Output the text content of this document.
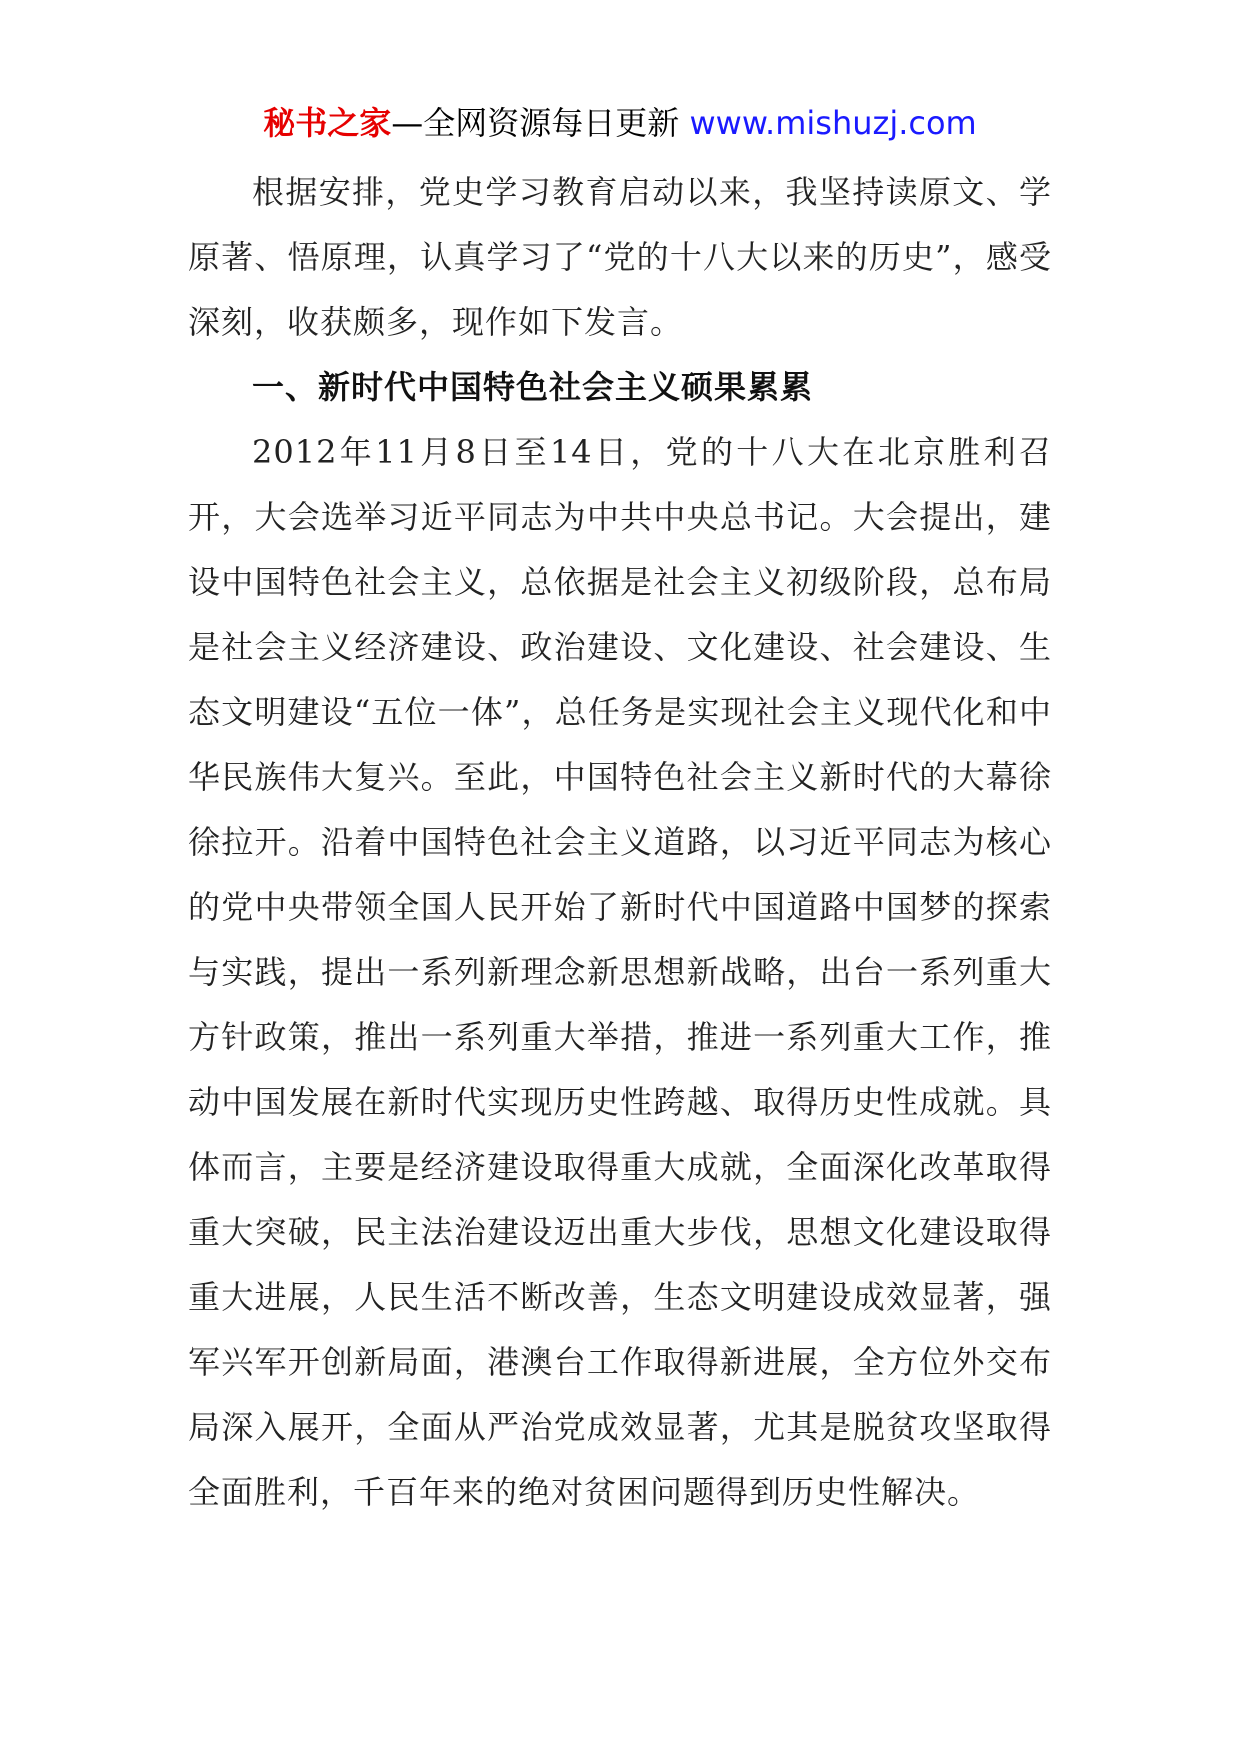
秘书之家—全网资源每日更新 www.mishuzj.com

根据安排，党史学习教育启动以来，我坚持读原文、学原著、悟原理，认真学习了“党的十八大以来的历史”，感受深刻，收获颇多，现作如下发言。

一、新时代中国特色社会主义硕果累累

2012年11月8日至14日，党的十八大在北京胜利召开，大会选举习近平同志为中共中央总书记。大会提出，建设中国特色社会主义，总依据是社会主义初级阶段，总布局是社会主义经济建设、政治建设、文化建设、社会建设、生态文明建设“五位一体”，总任务是实现社会主义现代化和中华民族伟大复兴。至此，中国特色社会主义新时代的大幕徐徐拉开。沿着中国特色社会主义道路，以习近平同志为核心的党中央带领全国人民开始了新时代中国道路中国梦的探索与实践，提出一系列新理念新思想新战略，出台一系列重大方针政策，推出一系列重大举措，推进一系列重大工作，推动中国发展在新时代实现历史性跨越、取得历史性成就。具体而言，主要是经济建设取得重大成就，全面深化改革取得重大突破，民主法治建设迈出重大步伐，思想文化建设取得重大进展，人民生活不断改善，生态文明建设成效显著，强军兴军开创新局面，港澳台工作取得新进展，全方位外交布局深入展开，全面从严治党成效显著，尤其是脱贫攻坚取得全面胜利，千百年来的绝对贫困问题得到历史性解决。
